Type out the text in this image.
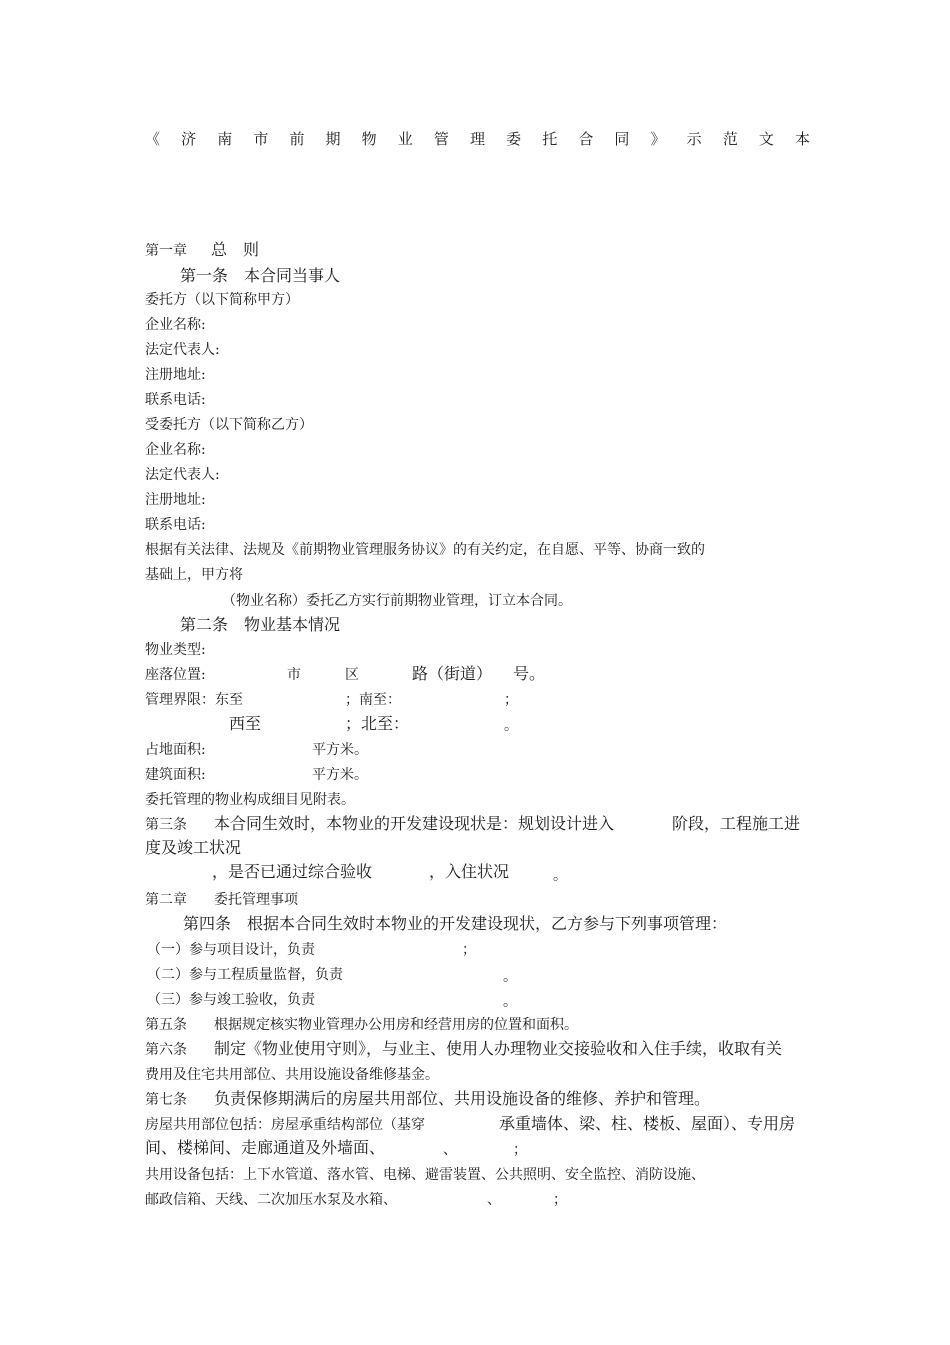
《 济 南 市 前 期 物 业 管 理 委 托 合 同 》 示 范 文 本
第一章 总　则
第一条　本合同当事人
委托方（以下简称甲方）
企业名称:
法定代表人:
注册地址:
联系电话:
受委托方（以下简称乙方）
企业名称:
法定代表人:
注册地址:
联系电话:
根据有关法律、法规及《前期物业管理服务协议》的有关约定，在自愿、平等、协商一致的
基础上，甲方将
（物业名称）委托乙方实行前期物业管理，订立本合同。
第二条　物业基本情况
物业类型:
座落位置:	市	区	路（街道） 号。
管理界限：东至	；南至：	；
西至	；北至：	。
占地面积:	平方米。
建筑面积:	平方米。
委托管理的物业构成细目见附表。
第三条 本合同生效时，本物业的开发建设现状是：规划设计进入	阶段，工程施工进
度及竣工状况
，是否已通过综合验收	，入住状况	。
第二章 委托管理事项
第四条　根据本合同生效时本物业的开发建设现状，乙方参与下列事项管理：
（一）参与项目设计，负责	；
（二）参与工程质量监督，负责	。
（三）参与竣工验收，负责	。
第五条 根据规定核实物业管理办公用房和经营用房的位置和面积。
第六条 制定《物业使用守则》，与业主、使用人办理物业交接验收和入住手续，收取有关
费用及住宅共用部位、共用设施设备维修基金。
第七条 负责保修期满后的房屋共用部位、共用设施设备的维修、养护和管理。
房屋共用部位包括：房屋承重结构部位（基穿	承重墙体、梁、柱、楼板、屋面）、专用房
间、楼梯间、走廊通道及外墙面、	、	；
共用设备包括：上下水管道、落水管、电梯、避雷装置、公共照明、安全监控、消防设施、
邮政信箱、天线、二次加压水泵及水箱、	、	；
